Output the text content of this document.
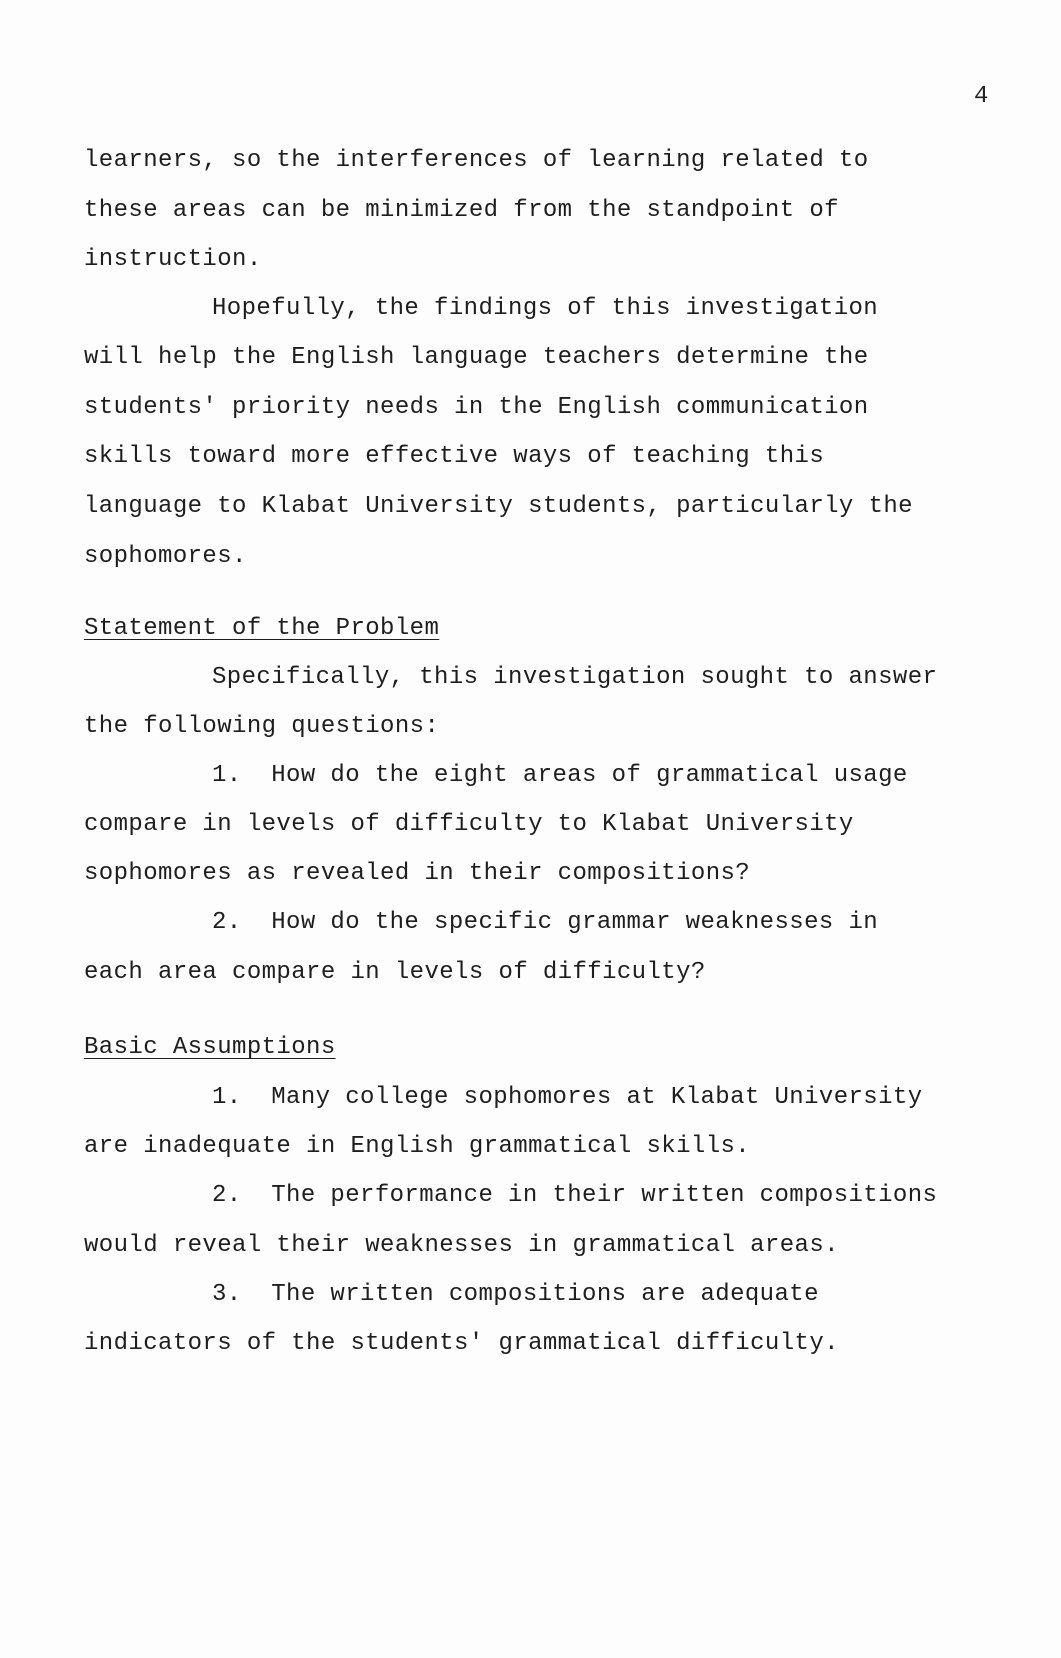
4
learners, so the interferences of learning related to
these areas can be minimized from the standpoint of
instruction.
Hopefully, the findings of this investigation
will help the English language teachers determine the
students' priority needs in the English communication
skills toward more effective ways of teaching this
language to Klabat University students, particularly the
sophomores.
Statement of the Problem
Specifically, this investigation sought to answer
the following questions:
1.  How do the eight areas of grammatical usage
compare in levels of difficulty to Klabat University
sophomores as revealed in their compositions?
2.  How do the specific grammar weaknesses in
each area compare in levels of difficulty?
Basic Assumptions
1.  Many college sophomores at Klabat University
are inadequate in English grammatical skills.
2.  The performance in their written compositions
would reveal their weaknesses in grammatical areas.
3.  The written compositions are adequate
indicators of the students' grammatical difficulty.
